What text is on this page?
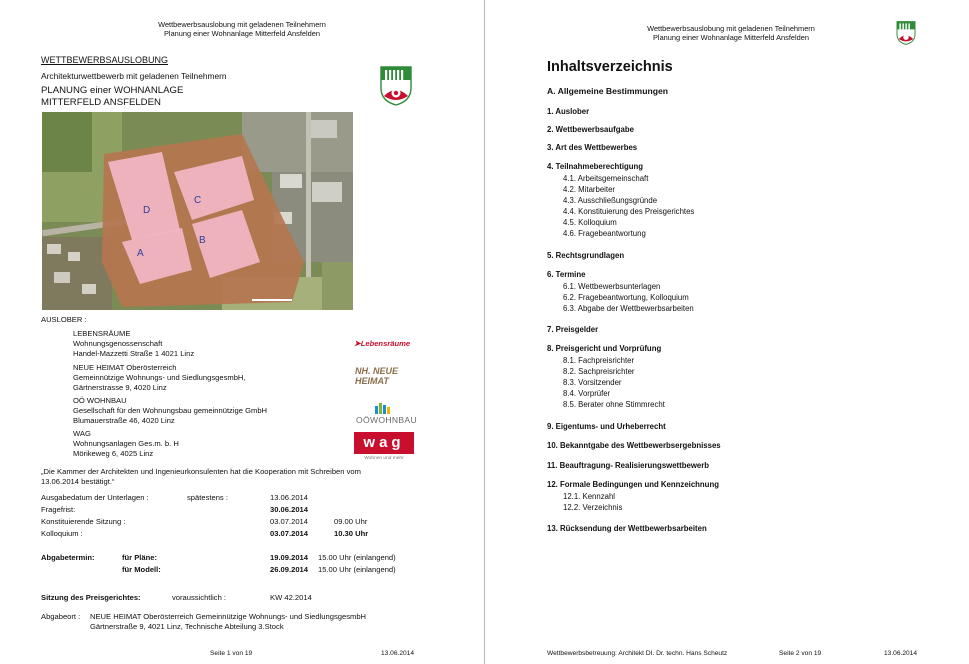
Wettbewerbsauslobung mit geladenen Teilnehmern
Planung einer Wohnanlage Mitterfeld Ansfelden
WETTBEWERBSAUSLOBUNG
Architekturwettbewerb mit geladenen Teilnehmern
PLANUNG einer WOHNANLAGE
MITTERFELD ANSFELDEN
D
C
A
B
AUSLOBER :
LEBENSRÄUME
Wohnungsgenossenschaft
Handel-Mazzetti Straße 1 4021 Linz
➤Lebensräume
NEUE HEIMAT Oberösterreich
Gemeinnützige Wohnungs- und SiedlungsgesmbH,
Gärtnerstrasse 9, 4020 Linz
NH. NEUE HEIMAT
OÖ WOHNBAU
Gesellschaft für den Wohnungsbau gemeinnützige GmbH
Blumauerstraße 46, 4020 Linz	OÖWOHNBAU
WAG
Wohnungsanlagen Ges.m. b. H
Mörikeweg 6, 4025 Linz
wag
Wohnen und mehr
„Die Kammer der Architekten und Ingenieurkonsulenten hat die Kooperation mit Schreiben vom
13.06.2014 bestätigt.“
Ausgabedatum der Unterlagen :	spätestens :	13.06.2014
Fragefrist:	30.06.2014
Konstituierende Sitzung :	03.07.2014	09.00 Uhr
Kolloquium :	03.07.2014	10.30 Uhr
Abgabetermin:	für Pläne:	19.09.2014 15.00 Uhr (einlangend)
für Modell:	26.09.2014 15.00 Uhr (einlangend)
Sitzung des Preisgerichtes:	voraussichtlich :	KW 42.2014
Abgabeort : NEUE HEIMAT Oberösterreich Gemeinnützige Wohnungs- und SiedlungsgesmbH
Gärtnerstraße 9, 4021 Linz, Technische Abteilung 3.Stock
Seite 1 von 19	13.06.2014
Wettbewerbsauslobung mit geladenen Teilnehmern
Planung einer Wohnanlage Mitterfeld Ansfelden
Inhaltsverzeichnis
A. Allgemeine Bestimmungen
1. Auslober
2. Wettbewerbsaufgabe
3. Art des Wettbewerbes
4. Teilnahmeberechtigung
4.1. Arbeitsgemeinschaft
4.2. Mitarbeiter
4.3. Ausschließungsgründe
4.4. Konstituierung des Preisgerichtes
4.5. Kolloquium
4.6. Fragebeantwortung
5. Rechtsgrundlagen
6. Termine
6.1. Wettbewerbsunterlagen
6.2. Fragebeantwortung, Kolloquium
6.3. Abgabe der Wettbewerbsarbeiten
7. Preisgelder
8. Preisgericht und Vorprüfung
8.1. Fachpreisrichter
8.2. Sachpreisrichter
8.3. Vorsitzender
8.4. Vorprüfer
8.5. Berater ohne Stimmrecht
9. Eigentums- und Urheberrecht
10. Bekanntgabe des Wettbewerbsergebnisses
11. Beauftragung- Realisierungswettbewerb
12. Formale Bedingungen und Kennzeichnung
12.1. Kennzahl
12.2. Verzeichnis
13. Rücksendung der Wettbewerbsarbeiten
Wettbewerbsbetreuung: Architekt DI. Dr. techn. Hans Scheutz	Seite 2 von 19	13.06.2014
